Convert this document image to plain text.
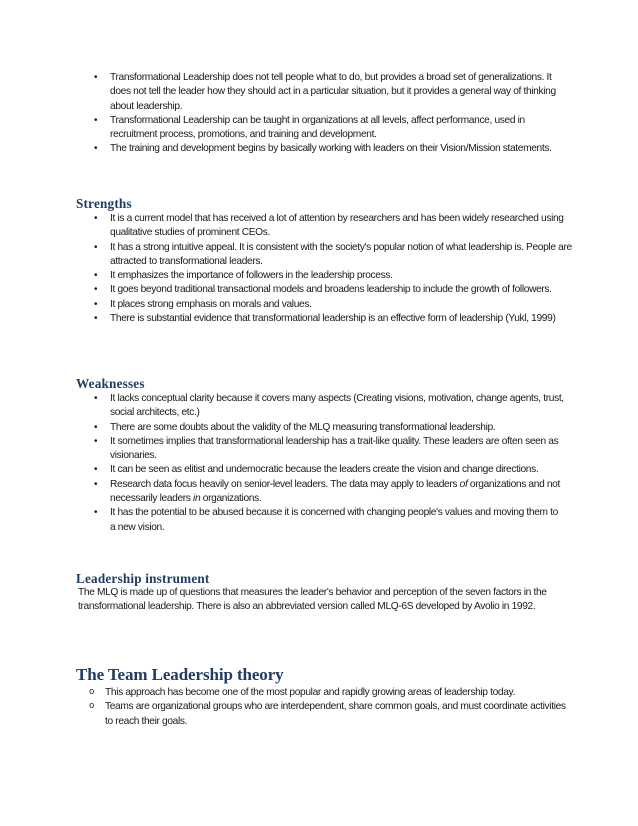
• Transformational Leadership does not tell people what to do, but provides a broad set of generalizations. It does not tell the leader how they should act in a particular situation, but it provides a general way of thinking about leadership.
• Transformational Leadership can be taught in organizations at all levels, affect performance, used in recruitment process, promotions, and training and development.
• The training and development begins by basically working with leaders on their Vision/Mission statements.
Strengths
• It is a current model that has received a lot of attention by researchers and has been widely researched using qualitative studies of prominent CEOs.
• It has a strong intuitive appeal. It is consistent with the society's popular notion of what leadership is. People are attracted to transformational leaders.
• It emphasizes the importance of followers in the leadership process.
• It goes beyond traditional transactional models and broadens leadership to include the growth of followers.
• It places strong emphasis on morals and values.
• There is substantial evidence that transformational leadership is an effective form of leadership (Yukl, 1999)
Weaknesses
• It lacks conceptual clarity because it covers many aspects (Creating visions, motivation, change agents, trust, social architects, etc.)
• There are some doubts about the validity of the MLQ measuring transformational leadership.
• It sometimes implies that transformational leadership has a trait-like quality. These leaders are often seen as visionaries.
• It can be seen as elitist and undemocratic because the leaders create the vision and change directions.
• Research data focus heavily on senior-level leaders. The data may apply to leaders of organizations and not necessarily leaders in organizations.
• It has the potential to be abused because it is concerned with changing people's values and moving them to a new vision.
Leadership instrument
The MLQ is made up of questions that measures the leader's behavior and perception of the seven factors in the transformational leadership. There is also an abbreviated version called MLQ-6S developed by Avolio in 1992.
The Team Leadership theory
o This approach has become one of the most popular and rapidly growing areas of leadership today.
o Teams are organizational groups who are interdependent, share common goals, and must coordinate activities to reach their goals.
